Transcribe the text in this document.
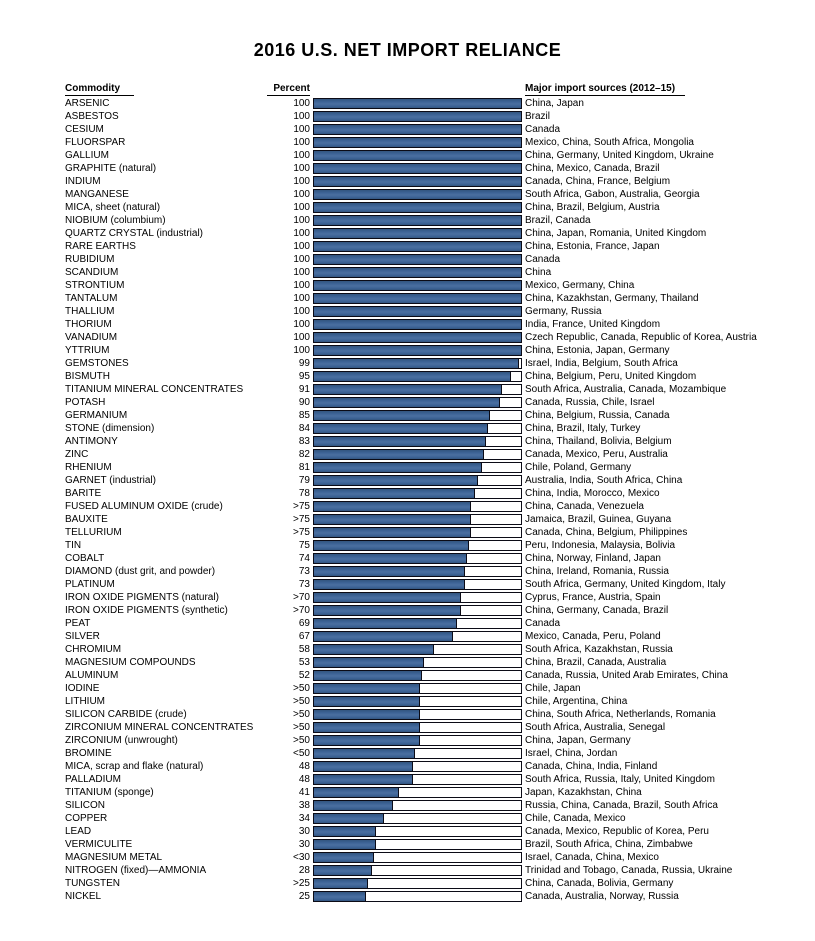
2016 U.S. NET IMPORT RELIANCE
Commodity	Percent	Major import sources (2012–15)
ARSENIC	100	China, Japan
ASBESTOS	100	Brazil
CESIUM	100	Canada
FLUORSPAR	100	Mexico, China, South Africa, Mongolia
GALLIUM	100	China, Germany, United Kingdom, Ukraine
GRAPHITE (natural)	100	China, Mexico, Canada, Brazil
INDIUM	100	Canada, China, France, Belgium
MANGANESE	100	South Africa, Gabon, Australia, Georgia
MICA, sheet (natural)	100	China, Brazil, Belgium, Austria
NIOBIUM (columbium)	100	Brazil, Canada
QUARTZ CRYSTAL (industrial)	100	China, Japan, Romania, United Kingdom
RARE EARTHS	100	China, Estonia, France, Japan
RUBIDIUM	100	Canada
SCANDIUM	100	China
STRONTIUM	100	Mexico, Germany, China
TANTALUM	100	China, Kazakhstan, Germany, Thailand
THALLIUM	100	Germany, Russia
THORIUM	100	India, France, United Kingdom
VANADIUM	100	Czech Republic, Canada, Republic of Korea, Austria
YTTRIUM	100	China, Estonia, Japan, Germany
GEMSTONES	99	Israel, India, Belgium, South Africa
BISMUTH	95	China, Belgium, Peru, United Kingdom
TITANIUM MINERAL CONCENTRATES	91	South Africa, Australia, Canada, Mozambique
POTASH	90	Canada, Russia, Chile, Israel
GERMANIUM	85	China, Belgium, Russia, Canada
STONE (dimension)	84	China, Brazil, Italy, Turkey
ANTIMONY	83	China, Thailand, Bolivia, Belgium
ZINC	82	Canada, Mexico, Peru, Australia
RHENIUM	81	Chile, Poland, Germany
GARNET (industrial)	79	Australia, India, South Africa, China
BARITE	78	China, India, Morocco, Mexico
FUSED ALUMINUM OXIDE (crude)	>75	China, Canada, Venezuela
BAUXITE	>75	Jamaica, Brazil, Guinea, Guyana
TELLURIUM	>75	Canada, China, Belgium, Philippines
TIN	75	Peru, Indonesia, Malaysia, Bolivia
COBALT	74	China, Norway, Finland, Japan
DIAMOND (dust grit, and powder)	73	China, Ireland, Romania, Russia
PLATINUM	73	South Africa, Germany, United Kingdom, Italy
IRON OXIDE PIGMENTS (natural)	>70	Cyprus, France, Austria, Spain
IRON OXIDE PIGMENTS (synthetic)	>70	China, Germany, Canada, Brazil
PEAT	69	Canada
SILVER	67	Mexico, Canada, Peru, Poland
CHROMIUM	58	South Africa, Kazakhstan, Russia
MAGNESIUM COMPOUNDS	53	China, Brazil, Canada, Australia
ALUMINUM	52	Canada, Russia, United Arab Emirates, China
IODINE	>50	Chile, Japan
LITHIUM	>50	Chile, Argentina, China
SILICON CARBIDE (crude)	>50	China, South Africa, Netherlands, Romania
ZIRCONIUM MINERAL CONCENTRATES	>50	South Africa, Australia, Senegal
ZIRCONIUM (unwrought)	>50	China, Japan, Germany
BROMINE	<50	Israel, China, Jordan
MICA, scrap and flake (natural)	48	Canada, China, India, Finland
PALLADIUM	48	South Africa, Russia, Italy, United Kingdom
TITANIUM (sponge)	41	Japan, Kazakhstan, China
SILICON	38	Russia, China, Canada, Brazil, South Africa
COPPER	34	Chile, Canada, Mexico
LEAD	30	Canada, Mexico, Republic of Korea, Peru
VERMICULITE	30	Brazil, South Africa, China, Zimbabwe
MAGNESIUM METAL	<30	Israel, Canada, China, Mexico
NITROGEN (fixed)—AMMONIA	28	Trinidad and Tobago, Canada, Russia, Ukraine
TUNGSTEN	>25	China, Canada, Bolivia, Germany
NICKEL	25	Canada, Australia, Norway, Russia
